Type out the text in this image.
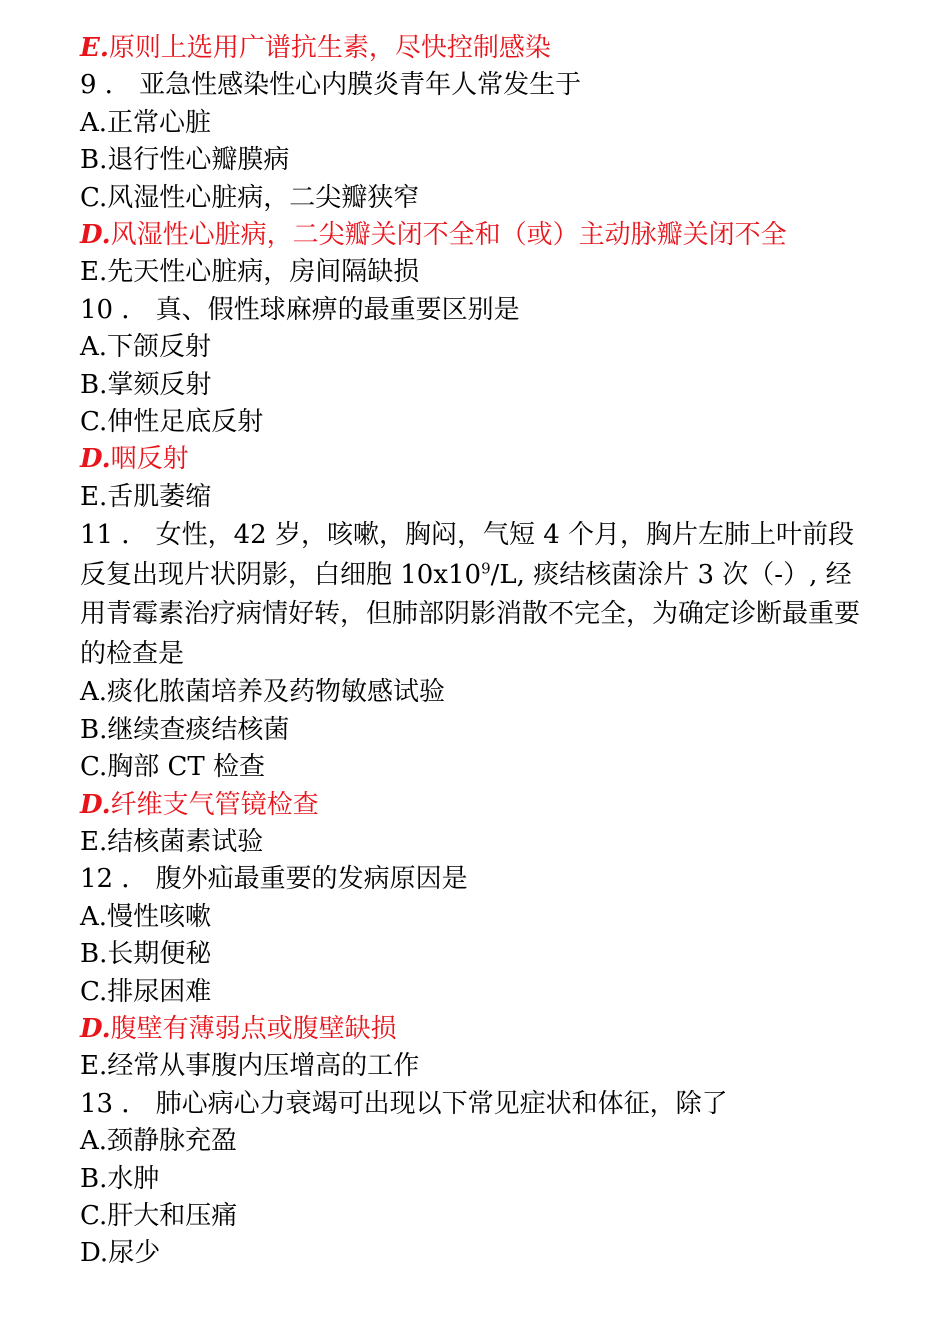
E.原则上选用广谱抗生素，尽快控制感染
9 ． 亚急性感染性心内膜炎青年人常发生于
A.正常心脏
B.退行性心瓣膜病
C.风湿性心脏病，二尖瓣狭窄
D.风湿性心脏病，二尖瓣关闭不全和（或）主动脉瓣关闭不全
E.先天性心脏病，房间隔缺损
10 ． 真、假性球麻痹的最重要区别是
A.下颌反射
B.掌颏反射
C.伸性足底反射
D.咽反射
E.舌肌萎缩
11 ． 女性，42 岁，咳嗽，胸闷，气短 4 个月，胸片左肺上叶前段反复出现片状阴影，白细胞 $10x10^9/L$, 痰结核菌涂片 3 次（-）, 经用青霉素治疗病情好转，但肺部阴影消散不完全，为确定诊断最重要的检查是
A.痰化脓菌培养及药物敏感试验
B.继续查痰结核菌
C.胸部 CT 检查
D.纤维支气管镜检查
E.结核菌素试验
12 ． 腹外疝最重要的发病原因是
A.慢性咳嗽
B.长期便秘
C.排尿困难
D.腹壁有薄弱点或腹壁缺损
E.经常从事腹内压增高的工作
13 ． 肺心病心力衰竭可出现以下常见症状和体征，除了
A.颈静脉充盈
B.水肿
C.肝大和压痛
D.尿少
